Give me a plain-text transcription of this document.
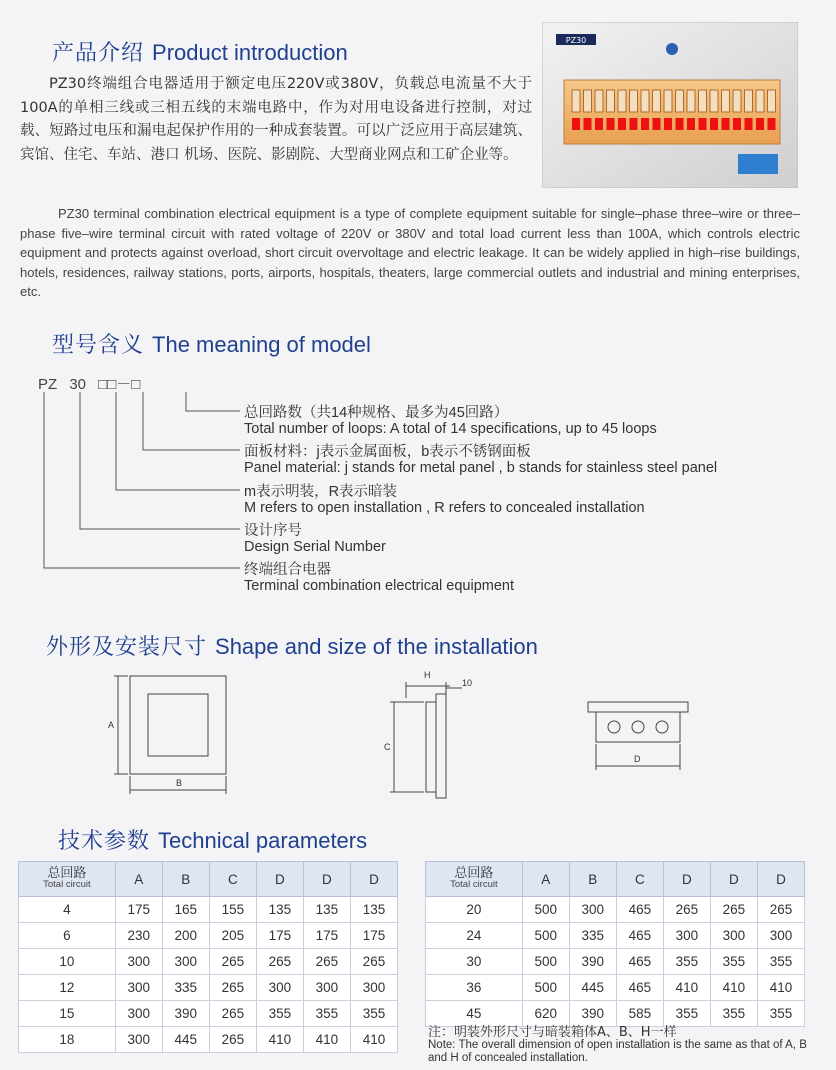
产品介绍 Product introduction
PZ30终端组合电器适用于额定电压220V或380V，负载总电流量不大于100A的单相三线或三相五线的末端电路中，作为对用电设备进行控制，对过载、短路过电压和漏电起保护作用的一种成套装置。可以广泛应用于高层建筑、宾馆、住宅、车站、港口 机场、医院、影剧院、大型商业网点和工矿企业等。
PZ30 terminal combination electrical equipment is a type of complete equipment suitable for single–phase three–wire or three–phase five–wire terminal circuit with rated voltage of 220V or 380V and total load current less than 100A, which controls electric equipment and protects against overload, short circuit overvoltage and electric leakage. It can be widely applied in high–rise buildings, hotels, residences, railway stations, ports, airports, hospitals, theaters, large commercial outlets and industrial and mining enterprises, etc.
PZ30
型号含义 The meaning of model
PZ 30 □□－□
总回路数（共14种规格、最多为45回路）
Total number of loops: A total of 14 specifications, up to 45 loops
面板材料：j表示金属面板，b表示不锈钢面板
Panel material: j stands for metal panel , b stands for stainless steel panel
m表示明装，R表示暗装
M refers to open installation , R refers to concealed installation
设计序号
Design Serial Number
终端组合电器
Terminal combination electrical equipment
外形及安装尺寸 Shape and size of the installation
A
B
H
10
C
D
技术参数 Technical parameters
总回路
Total circuit	A	B	C	D	D	D
4	175	165	155	135	135	135
6	230	200	205	175	175	175
10	300	300	265	265	265	265
12	300	335	265	300	300	300
15	300	390	265	355	355	355
18	300	445	265	410	410	410
总回路
Total circuit	A	B	C	D	D	D
20	500	300	465	265	265	265
24	500	335	465	300	300	300
30	500	390	465	355	355	355
36	500	445	465	410	410	410
45	620	390	585	355	355	355
注：明装外形尺寸与暗装箱体A、B、H一样
Note: The overall dimension of open installation is the same as that of A, B and H of concealed installation.
